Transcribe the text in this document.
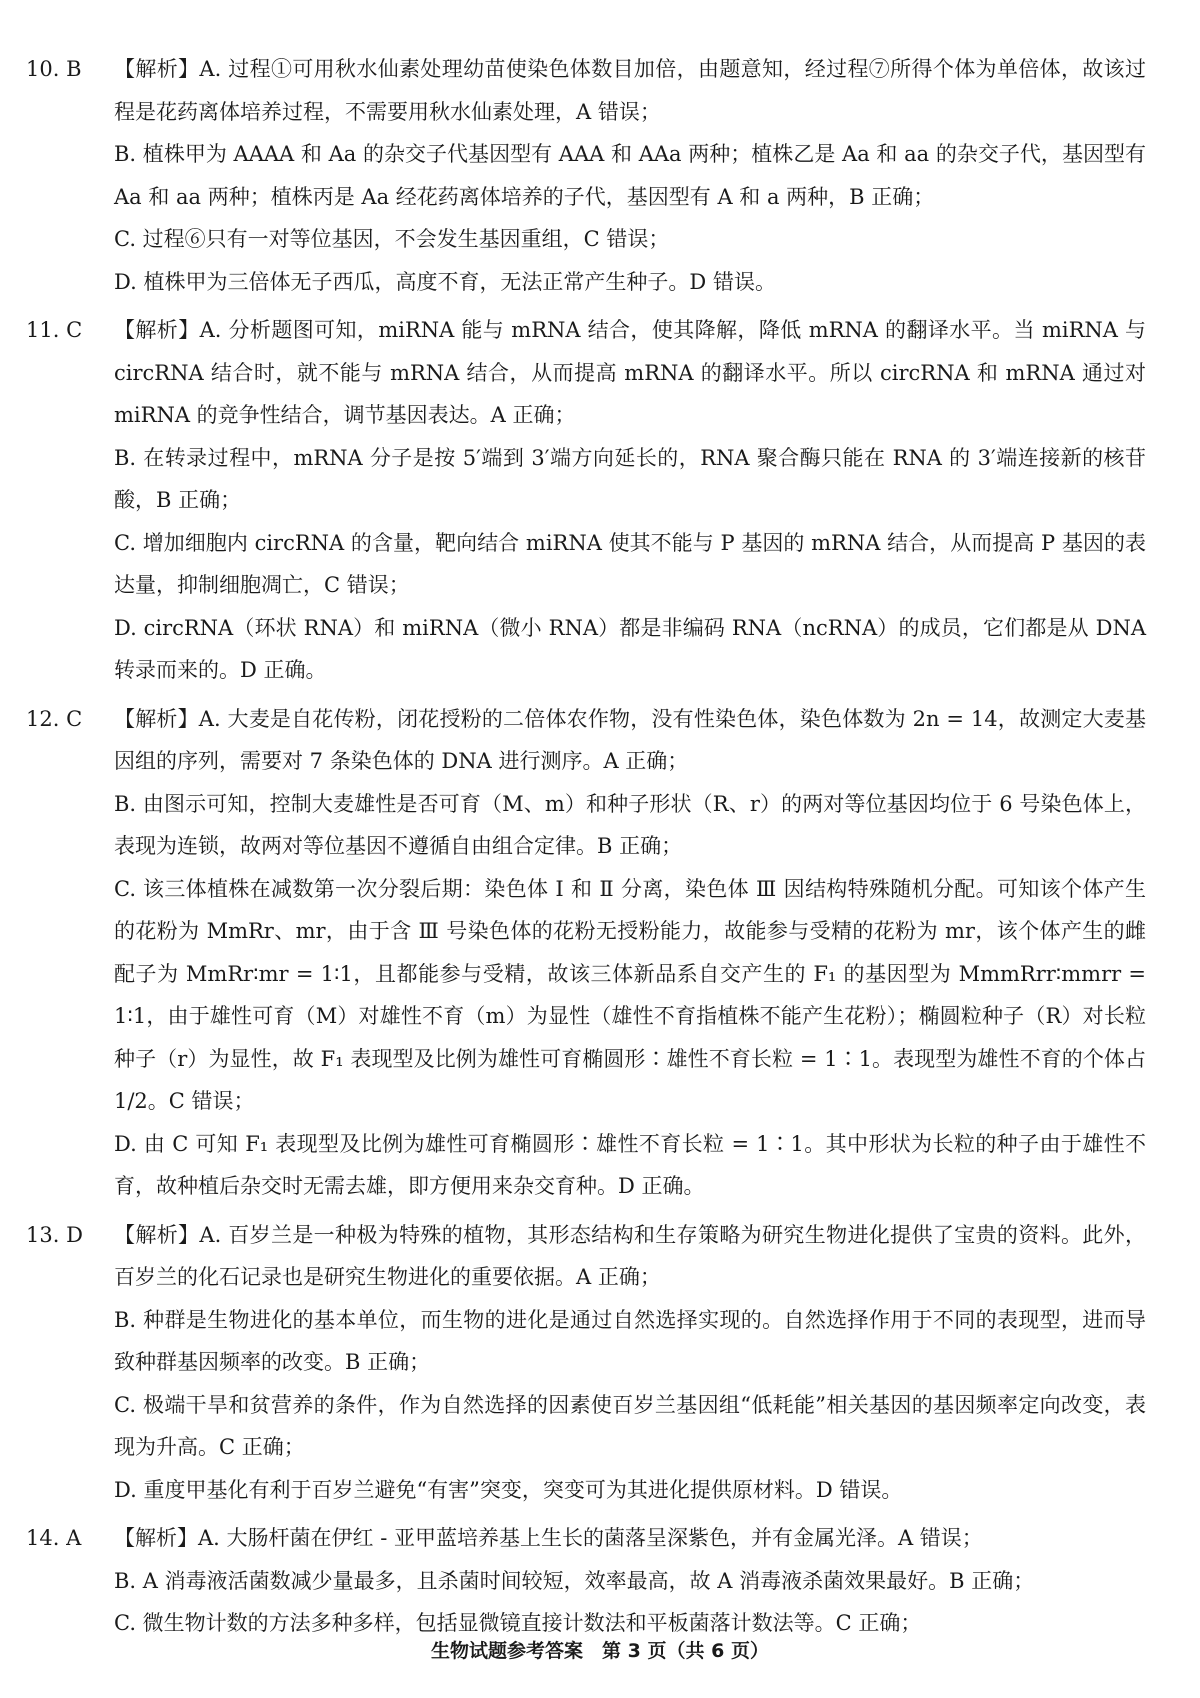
10. B	【解析】A. 过程①可用秋水仙素处理幼苗使染色体数目加倍，由题意知，经过程⑦所得个体为单倍体，故该过程是花药离体培养过程，不需要用秋水仙素处理，A 错误；

B. 植株甲为 AAAA 和 Aa 的杂交子代基因型有 AAA 和 AAa 两种；植株乙是 Aa 和 aa 的杂交子代，基因型有 Aa 和 aa 两种；植株丙是 Aa 经花药离体培养的子代，基因型有 A 和 a 两种，B 正确；

C. 过程⑥只有一对等位基因，不会发生基因重组，C 错误；

D. 植株甲为三倍体无子西瓜，高度不育，无法正常产生种子。D 错误。

11. C	【解析】A. 分析题图可知，miRNA 能与 mRNA 结合，使其降解，降低 mRNA 的翻译水平。当 miRNA 与 circRNA 结合时，就不能与 mRNA 结合，从而提高 mRNA 的翻译水平。所以 circRNA 和 mRNA 通过对 miRNA 的竞争性结合，调节基因表达。A 正确；

B. 在转录过程中，mRNA 分子是按 5′端到 3′端方向延长的，RNA 聚合酶只能在 RNA 的 3′端连接新的核苷酸，B 正确；

C. 增加细胞内 circRNA 的含量，靶向结合 miRNA 使其不能与 P 基因的 mRNA 结合，从而提高 P 基因的表达量，抑制细胞凋亡，C 错误；

D. circRNA（环状 RNA）和 miRNA（微小 RNA）都是非编码 RNA（ncRNA）的成员，它们都是从 DNA 转录而来的。D 正确。

12. C	【解析】A. 大麦是自花传粉，闭花授粉的二倍体农作物，没有性染色体，染色体数为 2n = 14，故测定大麦基因组的序列，需要对 7 条染色体的 DNA 进行测序。A 正确；

B. 由图示可知，控制大麦雄性是否可育（M、m）和种子形状（R、r）的两对等位基因均位于 6 号染色体上，表现为连锁，故两对等位基因不遵循自由组合定律。B 正确；

C. 该三体植株在减数第一次分裂后期：染色体 Ⅰ 和 Ⅱ 分离，染色体 Ⅲ 因结构特殊随机分配。可知该个体产生的花粉为 MmRr、mr，由于含 Ⅲ 号染色体的花粉无授粉能力，故能参与受精的花粉为 mr，该个体产生的雌配子为 MmRr∶mr = 1∶1，且都能参与受精，故该三体新品系自交产生的 F₁ 的基因型为 MmmRrr∶mmrr = 1∶1，由于雄性可育（M）对雄性不育（m）为显性（雄性不育指植株不能产生花粉）；椭圆粒种子（R）对长粒种子（r）为显性，故 F₁ 表现型及比例为雄性可育椭圆形∶雄性不育长粒 = 1∶1。表现型为雄性不育的个体占 1/2。C 错误；

D. 由 C 可知 F₁ 表现型及比例为雄性可育椭圆形∶雄性不育长粒 = 1∶1。其中形状为长粒的种子由于雄性不育，故种植后杂交时无需去雄，即方便用来杂交育种。D 正确。

13. D	【解析】A. 百岁兰是一种极为特殊的植物，其形态结构和生存策略为研究生物进化提供了宝贵的资料。此外，百岁兰的化石记录也是研究生物进化的重要依据。A 正确；

B. 种群是生物进化的基本单位，而生物的进化是通过自然选择实现的。自然选择作用于不同的表现型，进而导致种群基因频率的改变。B 正确；

C. 极端干旱和贫营养的条件，作为自然选择的因素使百岁兰基因组“低耗能”相关基因的基因频率定向改变，表现为升高。C 正确；

D. 重度甲基化有利于百岁兰避免“有害”突变，突变可为其进化提供原材料。D 错误。

14. A	【解析】A. 大肠杆菌在伊红 - 亚甲蓝培养基上生长的菌落呈深紫色，并有金属光泽。A 错误；

B. A 消毒液活菌数减少量最多，且杀菌时间较短，效率最高，故 A 消毒液杀菌效果最好。B 正确；

C. 微生物计数的方法多种多样，包括显微镜直接计数法和平板菌落计数法等。C 正确；

生物试题参考答案　第 3 页（共 6 页）
